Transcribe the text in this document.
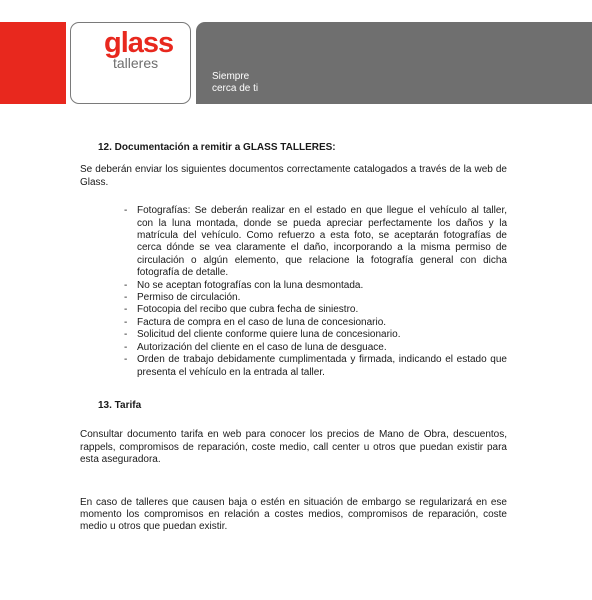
glass
talleres
Siempre
cerca de ti

12. Documentación a remitir a GLASS TALLERES:

Se deberán enviar los siguientes documentos correctamente catalogados a través de la web de Glass.

- Fotografías: Se deberán realizar en el estado en que llegue el vehículo al taller, con la luna montada, donde se pueda apreciar perfectamente los daños y la matrícula del vehículo. Como refuerzo a esta foto, se aceptarán fotografías de cerca dónde se vea claramente el daño, incorporando a la misma permiso de circulación o algún elemento, que relacione la fotografía general con dicha fotografía de detalle.
- No se aceptan fotografías con la luna desmontada.
- Permiso de circulación.
- Fotocopia del recibo que cubra fecha de siniestro.
- Factura de compra en el caso de luna de concesionario.
- Solicitud del cliente conforme quiere luna de concesionario.
- Autorización del cliente en el caso de luna de desguace.
- Orden de trabajo debidamente cumplimentada y firmada, indicando el estado que presenta el vehículo en la entrada al taller.

13. Tarifa

Consultar documento tarifa en web para conocer los precios de Mano de Obra, descuentos, rappels, compromisos de reparación, coste medio, call center u otros que puedan existir para esta aseguradora.

En caso de talleres que causen baja o estén en situación de embargo se regularizará en ese momento los compromisos en relación a costes medios, compromisos de reparación, coste medio u otros que puedan existir.
